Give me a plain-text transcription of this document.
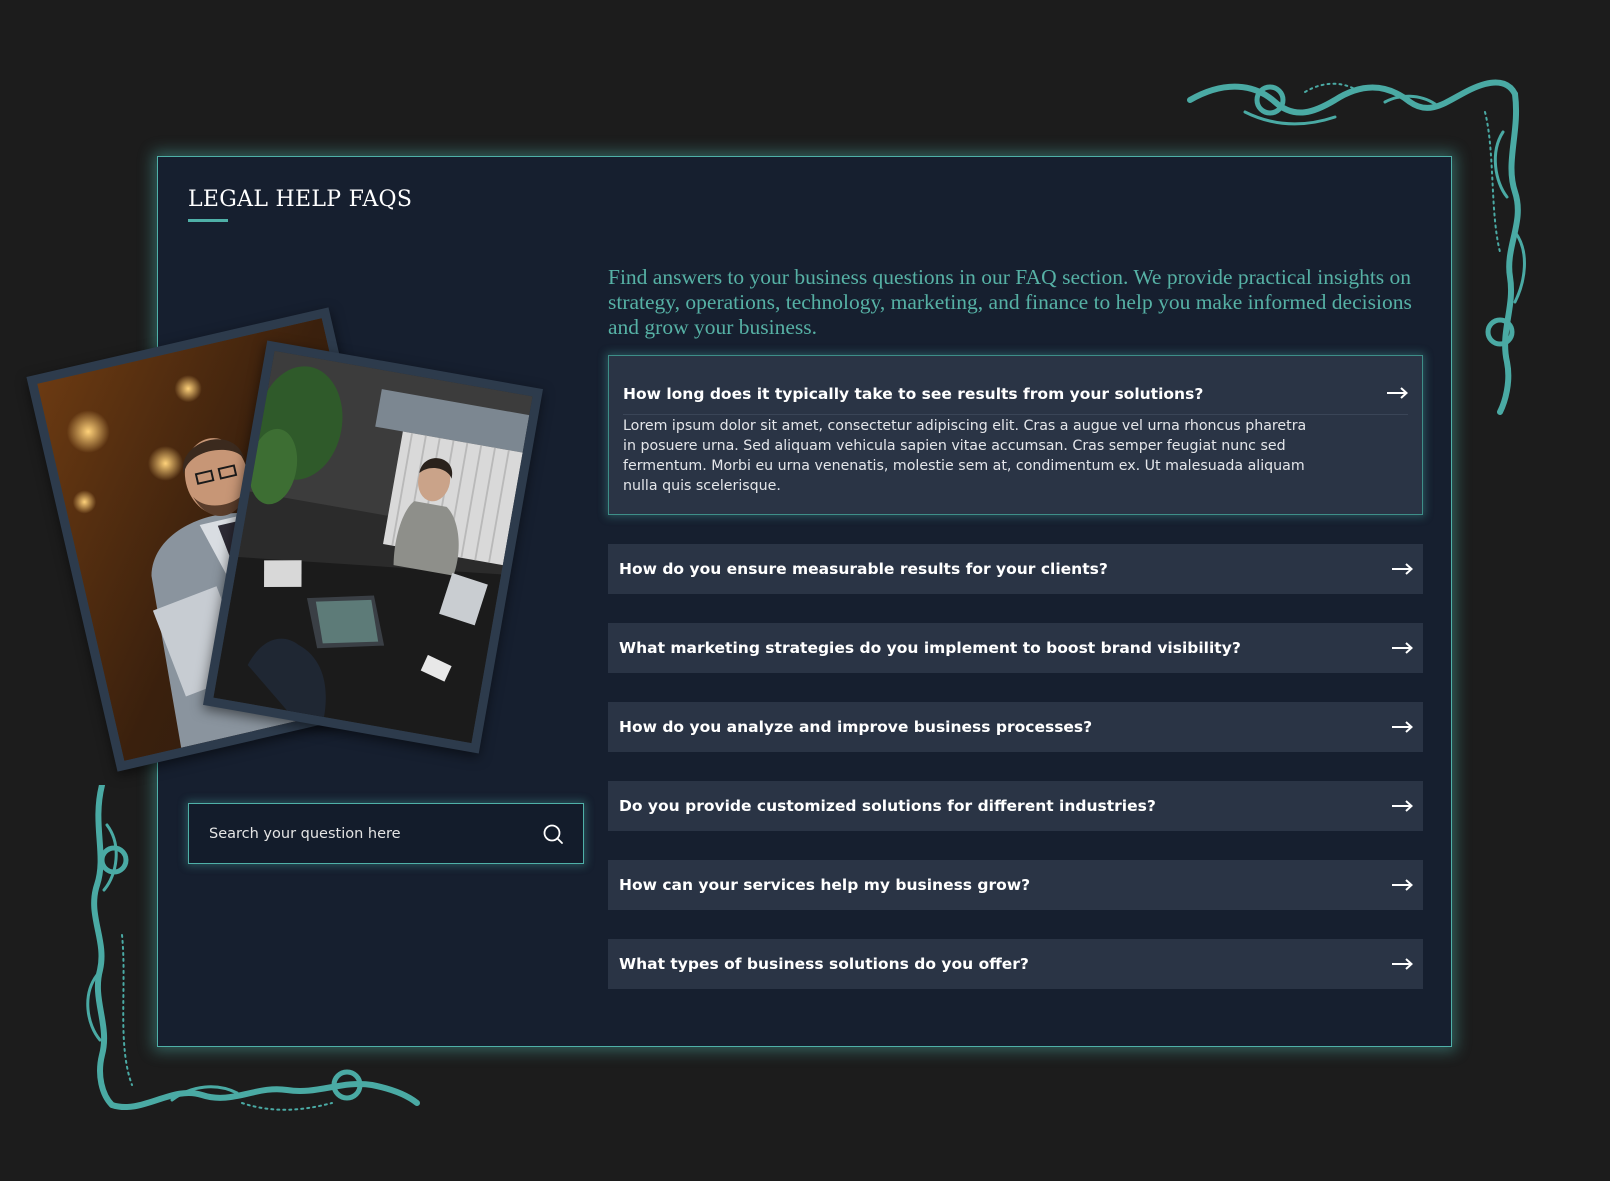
LEGAL HELP FAQS

Find answers to your business questions in our FAQ section. We provide practical insights on strategy, operations, technology, marketing, and finance to help you make informed decisions and grow your business.

Search your question here
How long does it typically take to see results from your solutions?

Lorem ipsum dolor sit amet, consectetur adipiscing elit. Cras a augue vel urna rhoncus pharetra in posuere urna. Sed aliquam vehicula sapien vitae accumsan. Cras semper feugiat nunc sed fermentum. Morbi eu urna venenatis, molestie sem at, condimentum ex. Ut malesuada aliquam nulla quis scelerisque.

How do you ensure measurable results for your clients?
What marketing strategies do you implement to boost brand visibility?
How do you analyze and improve business processes?
Do you provide customized solutions for different industries?
How can your services help my business grow?
What types of business solutions do you offer?
